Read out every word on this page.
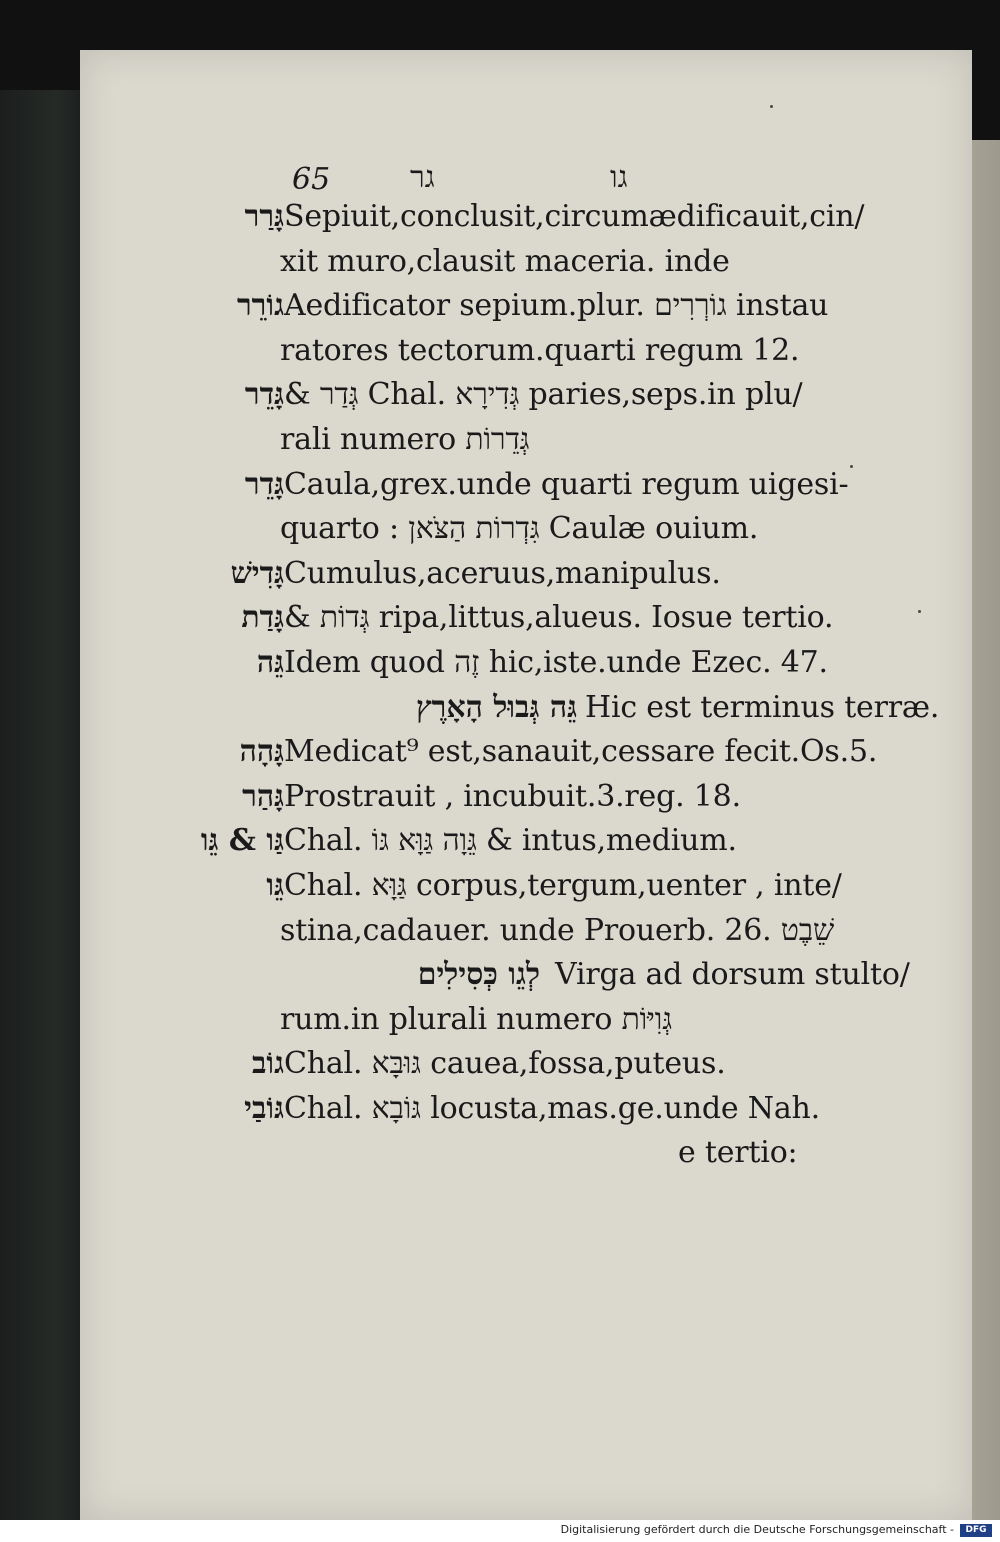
65	גר	גו
גָּרַר Sepiuit,conclusit,circumædificauit,cin/
xit muro,clausit maceria. inde
גוֹרֵר Aedificator sepium.plur. גוֹרְרִים instau
ratores tectorum.quarti regum 12.
גָּדֵר & גְּדַר Chal. גְּדִירָא paries,seps.in plu/
rali numero גְּדֵרוֹת
גָּדֵר Caula,grex.unde quarti regum uigesi-
quarto : גִּדְרוֹת הַצֹּאן Caulæ ouium.
גָּדִישׁ Cumulus,aceruus,manipulus.
גָּדַת & גְּדוֹת ripa,littus,alueus. Iosue tertio.
גֵּה Idem quod זֶה hic,iste.unde Ezec. 47.
גֵּה גְּבוּל הָאָרֶץ Hic est terminus terræ.
גָּהָה Medicat⁹ est,sanauit,cessare fecit.Os.5.
גָּהַר Prostrauit , incubuit.3.reg. 18.
גַּו & גֵּו Chal. גֵּוָה גַּוָּא גּוֹ & intus,medium.
גֵּו Chal. גַּוָּא corpus,tergum,uenter , inte/
stina,cadauer. unde Prouerb. 26. שֵׁבֶט
לְגֵו כְּסִילִים Virga ad dorsum stulto/
rum.in plurali numero גְּוִיּוֹת
גוֹב Chal. גּוּבָּא cauea,fossa,puteus.
גּוֹבַי Chal. גּוֹבָא locusta,mas.ge.unde Nah.
e tertio:
Digitalisierung gefördert durch die Deutsche Forschungsgemeinschaft -	DFG
